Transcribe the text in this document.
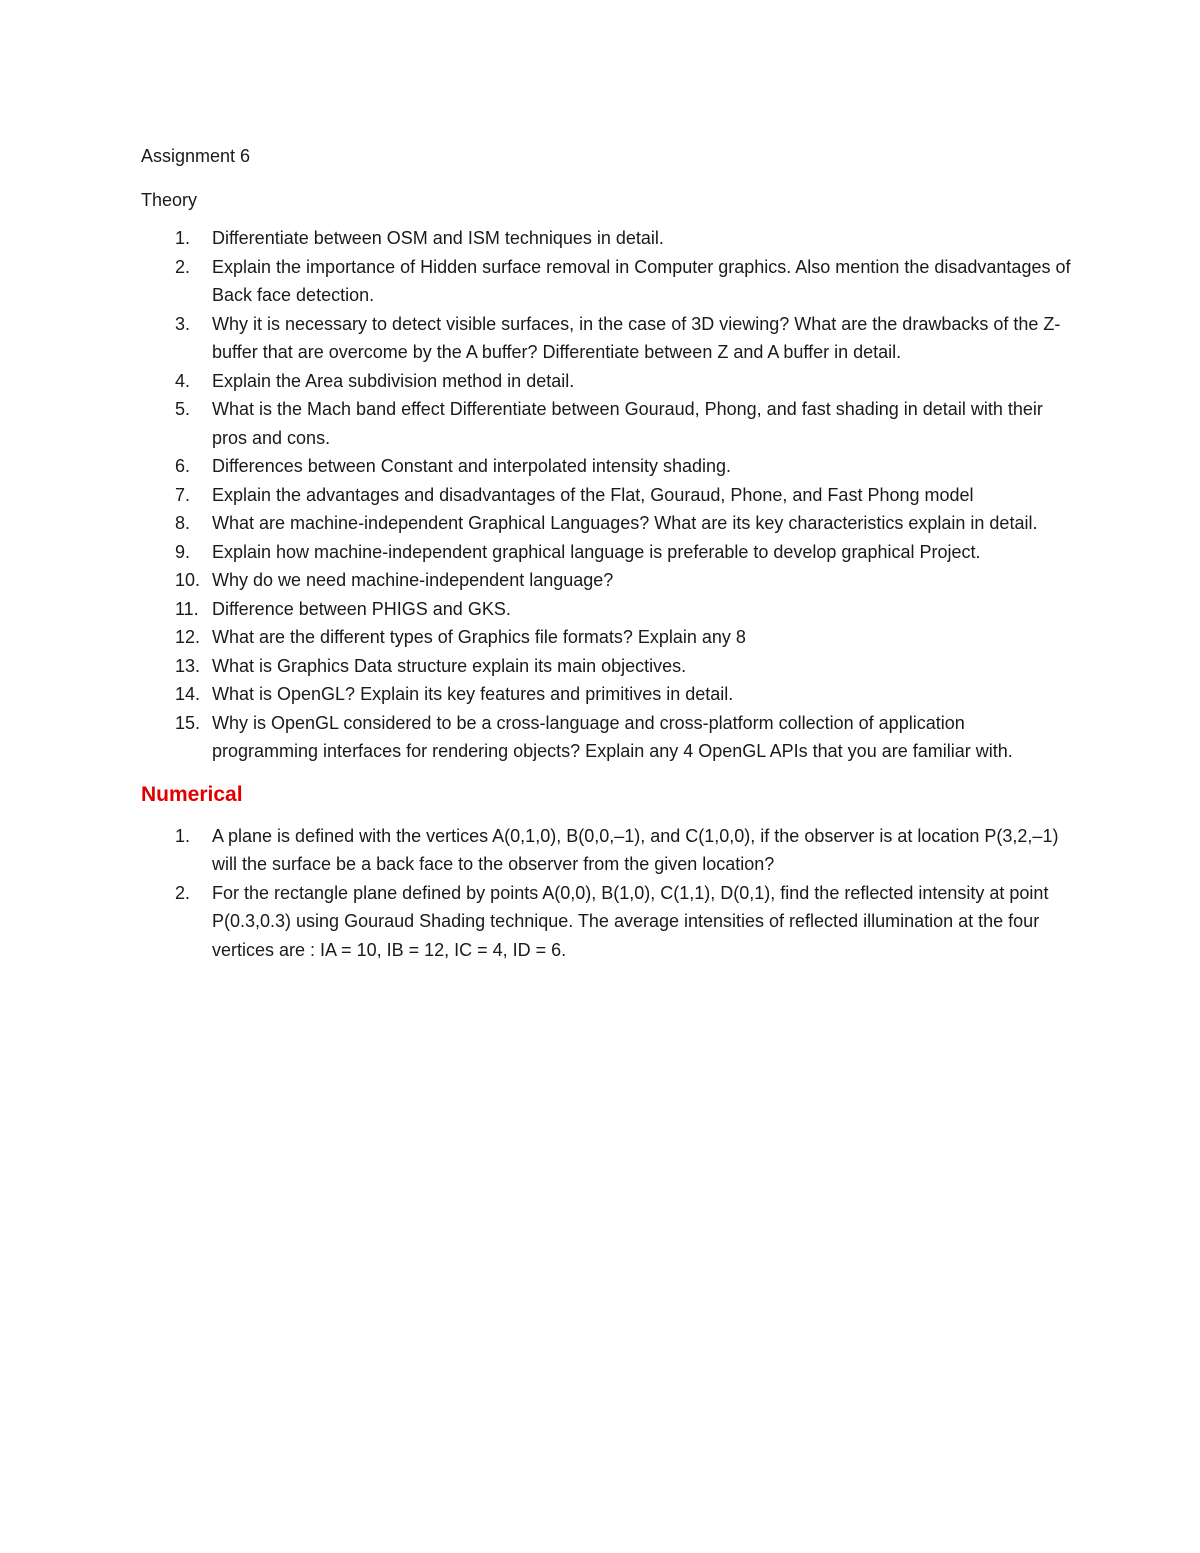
Assignment 6

Theory

1.	Differentiate between OSM and ISM techniques in detail.
2.	Explain the importance of Hidden surface removal in Computer graphics. Also mention the disadvantages of Back face detection.
3.	Why it is necessary to detect visible surfaces, in the case of 3D viewing? What are the drawbacks of the Z-buffer that are overcome by the A buffer? Differentiate between Z and A buffer in detail.
4.	Explain the Area subdivision method in detail.
5.	What is the Mach band effect Differentiate between Gouraud, Phong, and fast shading in detail with their pros and cons.
6.	Differences between Constant and interpolated intensity shading.
7.	Explain the advantages and disadvantages of the Flat, Gouraud, Phone, and Fast Phong model
8.	What are machine-independent Graphical Languages? What are its key characteristics explain in detail.
9.	Explain how machine-independent graphical language is preferable to develop graphical Project.
10. Why do we need machine-independent language?
11. Difference between PHIGS and GKS.
12. What are the different types of Graphics file formats? Explain any 8
13. What is Graphics Data structure explain its main objectives.
14. What is OpenGL? Explain its key features and primitives in detail.
15. Why is OpenGL considered to be a cross-language and cross-platform collection of application programming interfaces for rendering objects? Explain any 4 OpenGL APIs that you are familiar with.
Numerical
1.	A plane is defined with the vertices A(0,1,0), B(0,0,–1), and C(1,0,0), if the observer is at location P(3,2,–1) will the surface be a back face to the observer from the given location?
2.	For the rectangle plane defined by points A(0,0), B(1,0), C(1,1), D(0,1), find the reflected intensity at point P(0.3,0.3) using Gouraud Shading technique. The average intensities of reflected illumination at the four vertices are : IA = 10, IB = 12, IC = 4, ID = 6.
